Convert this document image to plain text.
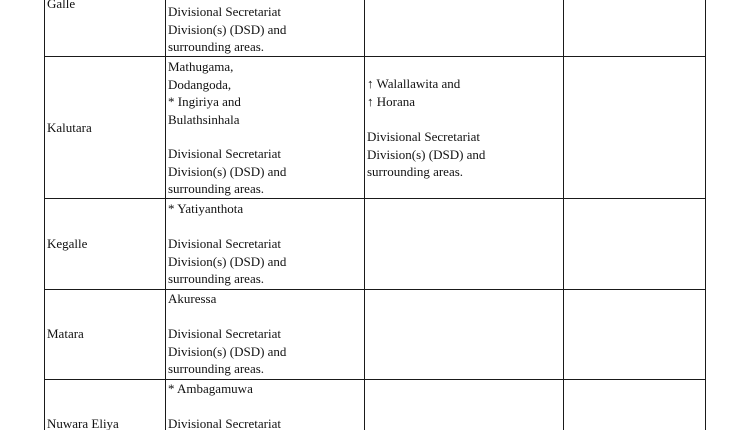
Galle
Divisional Secretariat
Division(s) (DSD) and
surrounding areas.
Kalutara
Mathugama,
Dodangoda,
* Ingiriya and
Bulathsinhala
Divisional Secretariat
Division(s) (DSD) and
surrounding areas.
↑ Walallawita and
↑ Horana
Divisional Secretariat
Division(s) (DSD) and
surrounding areas.
Kegalle
* Yatiyanthota
Divisional Secretariat
Division(s) (DSD) and
surrounding areas.
Matara
Akuressa
Divisional Secretariat
Division(s) (DSD) and
surrounding areas.
Nuwara Eliya
* Ambagamuwa
Divisional Secretariat
